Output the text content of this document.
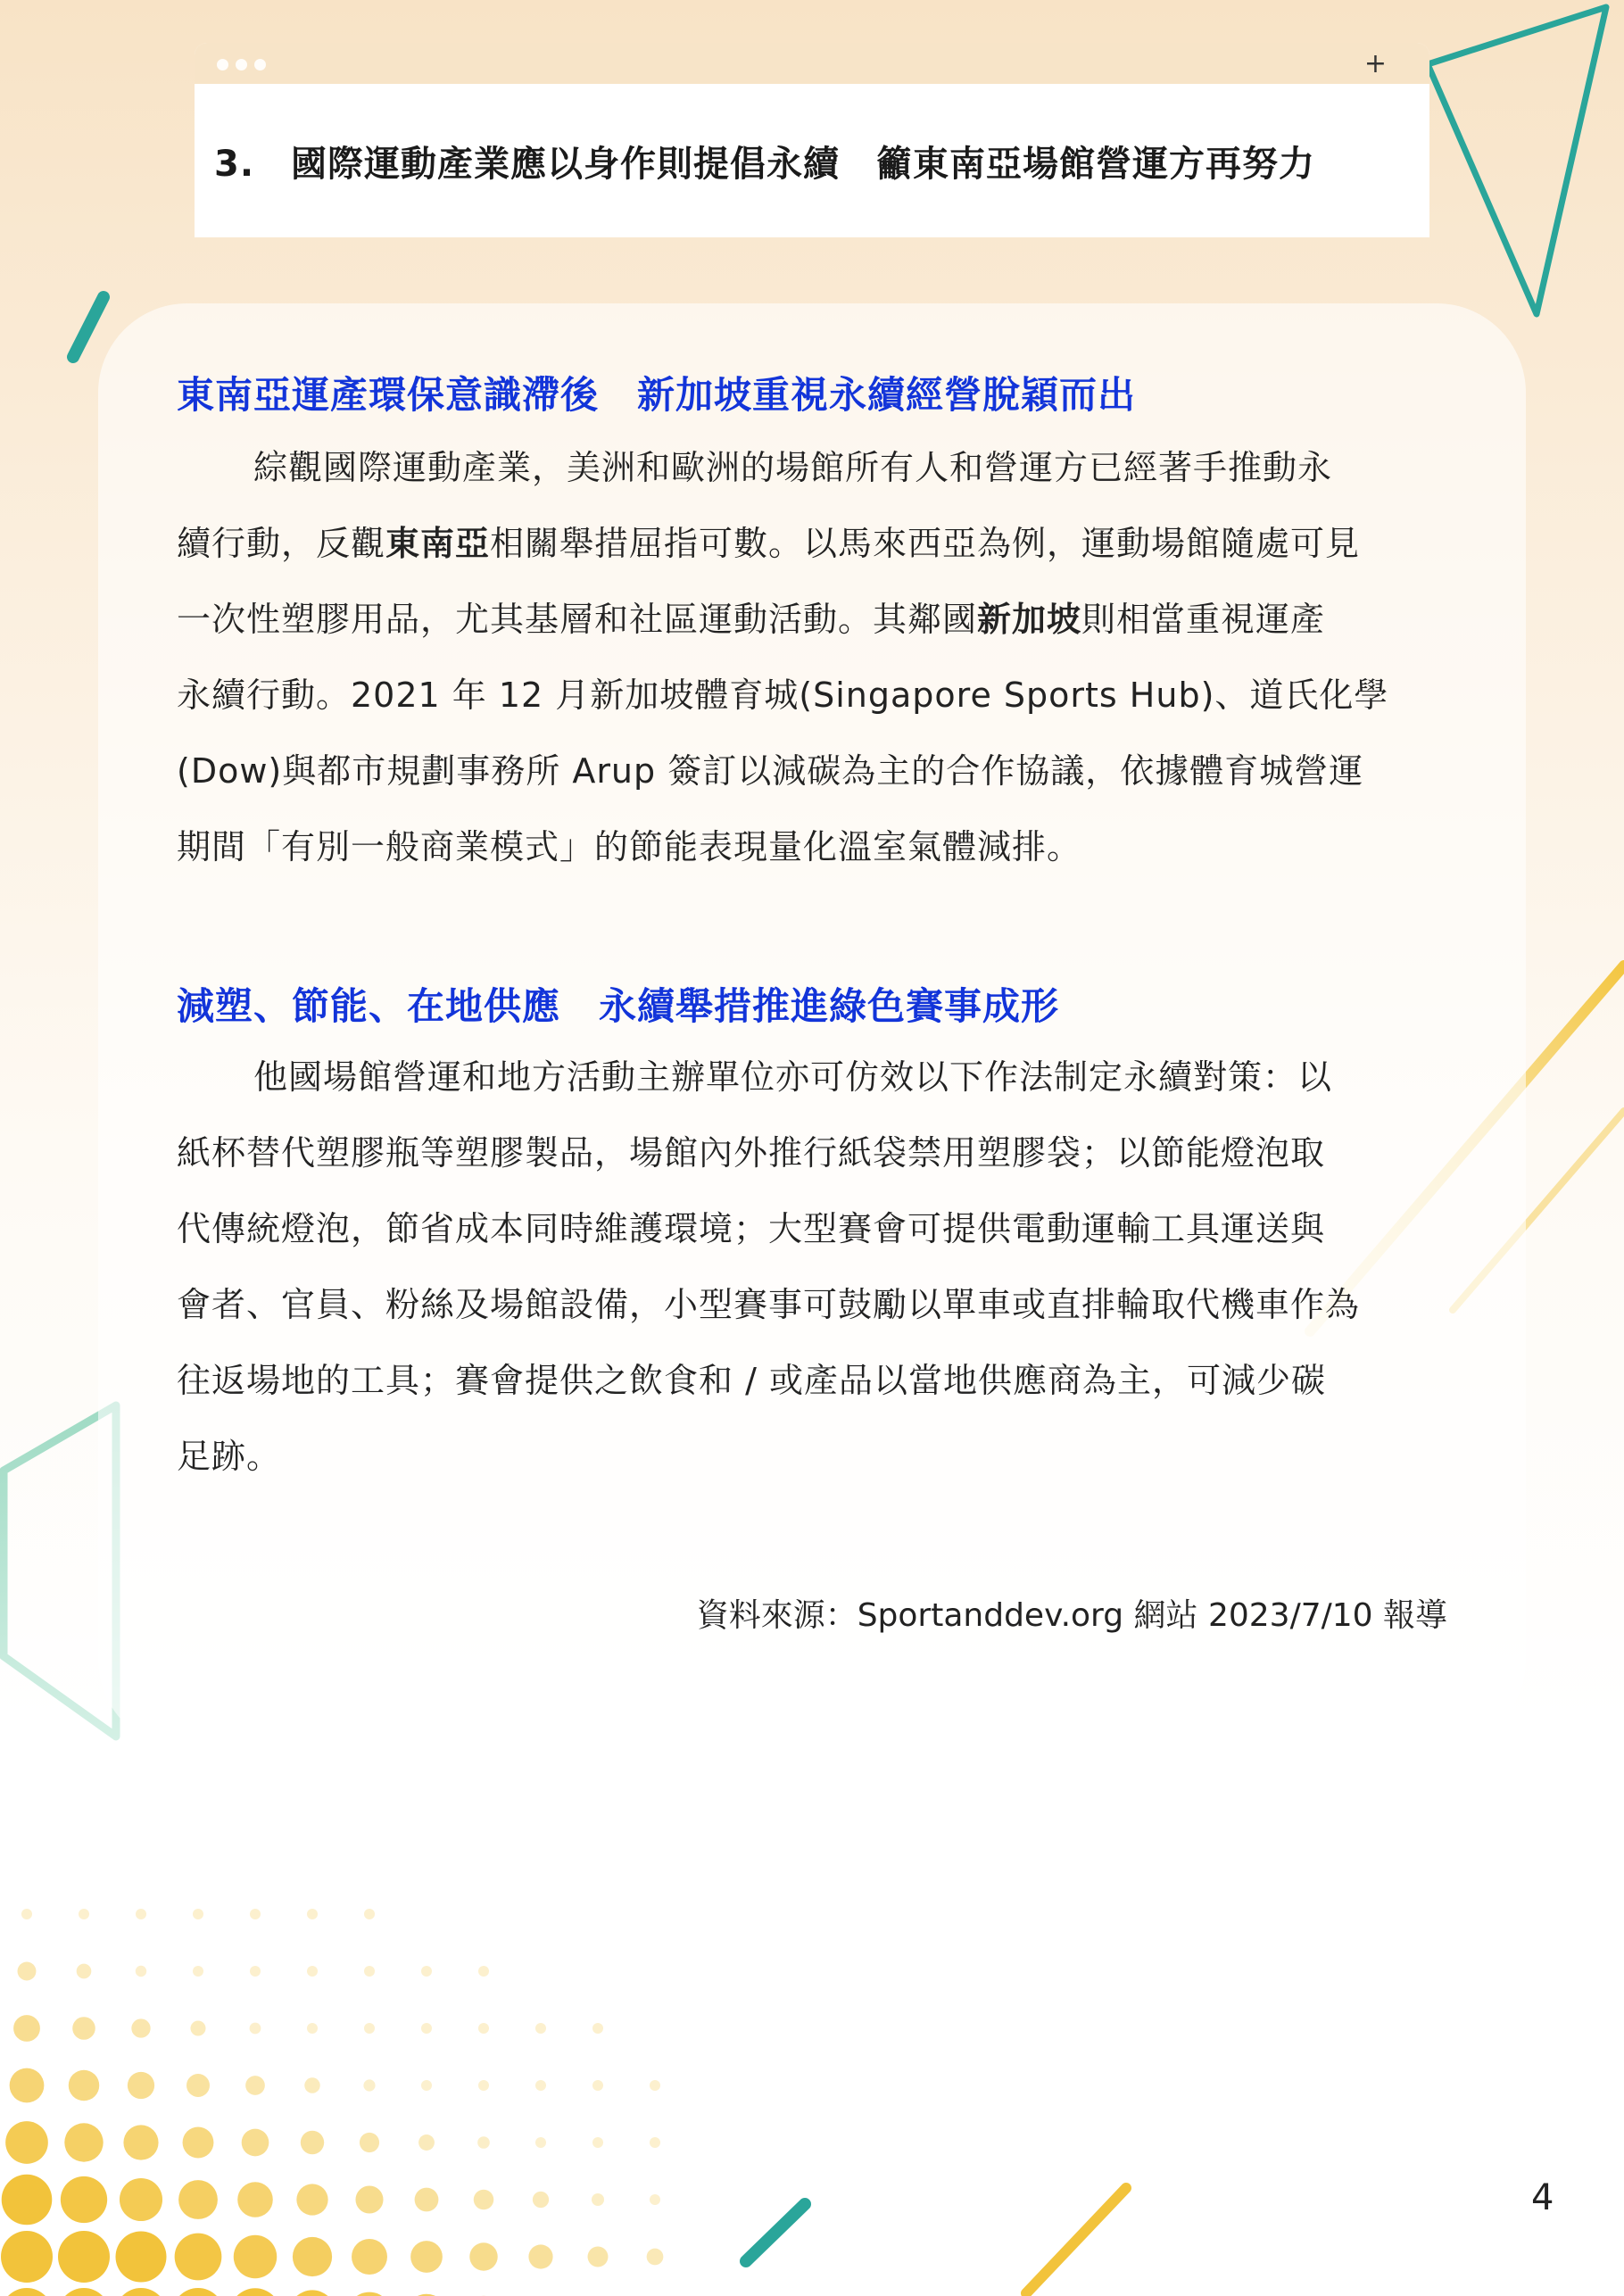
+
3.　國際運動產業應以身作則提倡永續　籲東南亞場館營運方再努力
東南亞運產環保意識滯後　新加坡重視永續經營脫穎而出

綜觀國際運動產業，美洲和歐洲的場館所有人和營運方已經著手推動永

續行動，反觀東南亞相關舉措屈指可數。以馬來西亞為例，運動場館隨處可見

一次性塑膠用品，尤其基層和社區運動活動。其鄰國新加坡則相當重視運產

永續行動。2021 年 12 月新加坡體育城(Singapore Sports Hub)、道氏化學

(Dow)與都市規劃事務所 Arup 簽訂以減碳為主的合作協議，依據體育城營運

期間「有別一般商業模式」的節能表現量化溫室氣體減排。

減塑、節能、在地供應　永續舉措推進綠色賽事成形

他國場館營運和地方活動主辦單位亦可仿效以下作法制定永續對策：以

紙杯替代塑膠瓶等塑膠製品，場館內外推行紙袋禁用塑膠袋；以節能燈泡取

代傳統燈泡，節省成本同時維護環境；大型賽會可提供電動運輸工具運送與

會者、官員、粉絲及場館設備，小型賽事可鼓勵以單車或直排輪取代機車作為

往返場地的工具；賽會提供之飲食和 / 或產品以當地供應商為主，可減少碳

足跡。

資料來源：Sportanddev.org 網站 2023/7/10 報導
4
